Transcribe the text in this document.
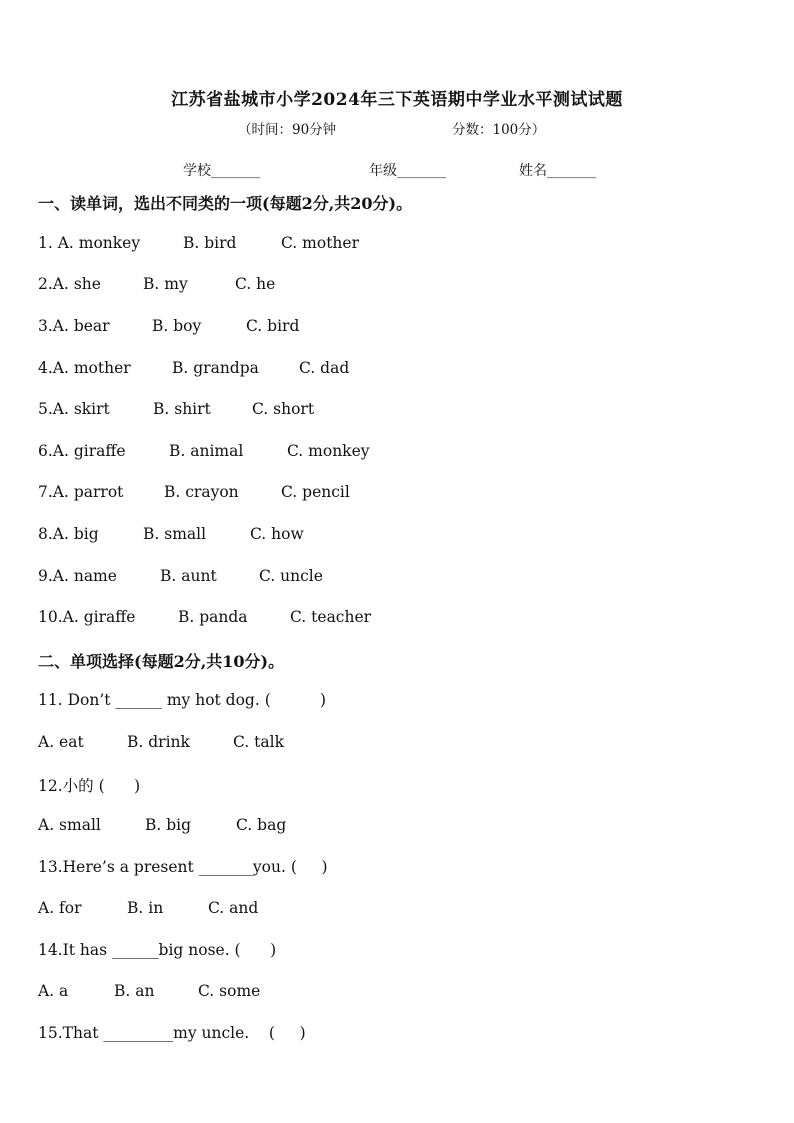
江苏省盐城市小学2024年三下英语期中学业水平测试试题
（时间：90分钟	分数：100分）
学校_______	年级_______	姓名_______
一、读单词，选出不同类的一项(每题2分,共20分)。
1. A. monkey	B. bird	C. mother
2.A. she	B. my	C. he
3.A. bear	B. boy	C. bird
4.A. mother	B. grandpa	C. dad
5.A. skirt	B. shirt	C. short
6.A. giraffe	B. animal	C. monkey
7.A. parrot	B. crayon	C. pencil
8.A. big	B. small	C. how
9.A. name	B. aunt	C. uncle
10.A. giraffe	B. panda	C. teacher
二、单项选择(每题2分,共10分)。
11. Don’t ______ my hot dog. (          )
A. eat	B. drink	C. talk
12.小的 (      )
A. small	B. big	C. bag
13.Here’s a present _______you. (     )
A. for	B. in	C. and
14.It has ______big nose. (      )
A. a	B. an	C. some
15.That _________my uncle.    (     )
